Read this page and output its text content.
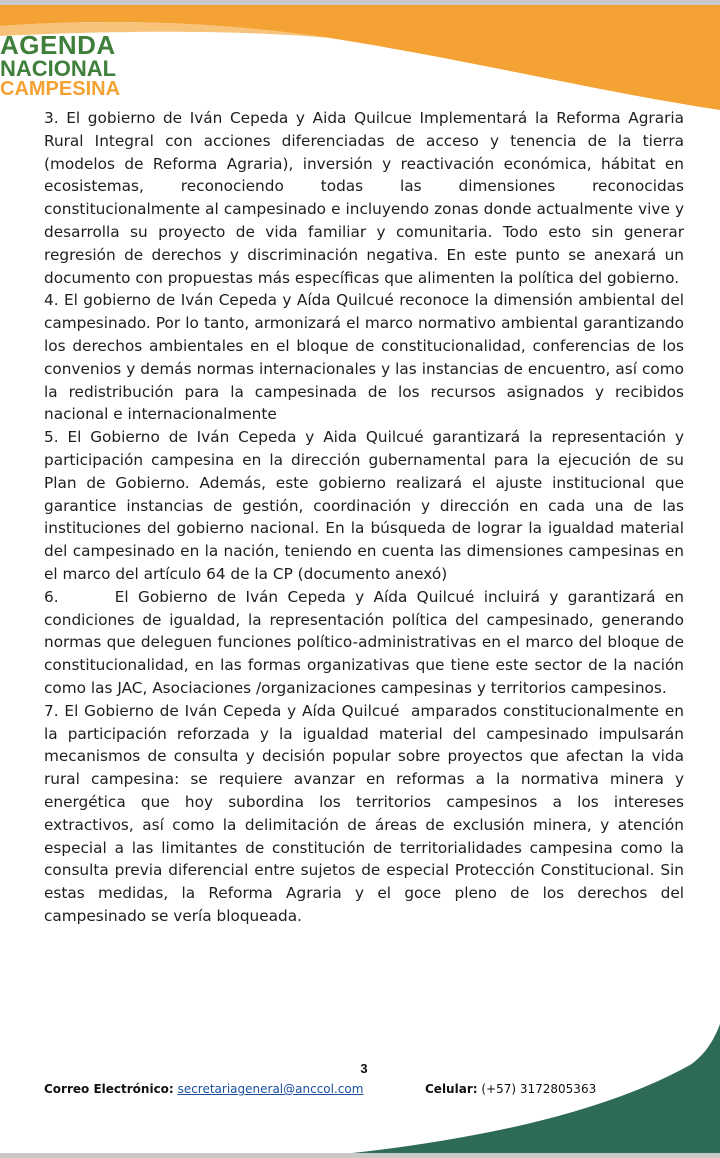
AGENDA
NACIONAL
CAMPESINA

3. El gobierno de Iván Cepeda y Aida Quilcue Implementará la Reforma Agraria Rural Integral con acciones diferenciadas de acceso y tenencia de la tierra (modelos de Reforma Agraria), inversión y reactivación económica, hábitat en ecosistemas, reconociendo todas las dimensiones reconocidas constitucionalmente al campesinado e incluyendo zonas donde actualmente vive y desarrolla su proyecto de vida familiar y comunitaria. Todo esto sin generar regresión de derechos y discriminación negativa. En este punto se anexará un documento con propuestas más específicas que alimenten la política del gobierno.

4. El gobierno de Iván Cepeda y Aída Quilcué reconoce la dimensión ambiental del campesinado. Por lo tanto, armonizará el marco normativo ambiental garantizando los derechos ambientales en el bloque de constitucionalidad, conferencias de los convenios y demás normas internacionales y las instancias de encuentro, así como la redistribución para la campesinada de los recursos asignados y recibidos nacional e internacionalmente

5. El Gobierno de Iván Cepeda y Aida Quilcué garantizará la representación y participación campesina en la dirección gubernamental para la ejecución de su Plan de Gobierno. Además, este gobierno realizará el ajuste institucional que garantice instancias de gestión, coordinación y dirección en cada una de las instituciones del gobierno nacional. En la búsqueda de lograr la igualdad material del campesinado en la nación, teniendo en cuenta las dimensiones campesinas en el marco del artículo 64 de la CP (documento anexó)

6.      El Gobierno de Iván Cepeda y Aída Quilcué incluirá y garantizará en condiciones de igualdad, la representación política del campesinado, generando normas que deleguen funciones político-administrativas en el marco del bloque de constitucionalidad, en las formas organizativas que tiene este sector de la nación como las JAC, Asociaciones /organizaciones campesinas y territorios campesinos.

7. El Gobierno de Iván Cepeda y Aída Quilcué  amparados constitucionalmente en la participación reforzada y la igualdad material del campesinado impulsarán mecanismos de consulta y decisión popular sobre proyectos que afectan la vida rural campesina: se requiere avanzar en reformas a la normativa minera y energética que hoy subordina los territorios campesinos a los intereses extractivos, así como la delimitación de áreas de exclusión minera, y atención especial a las limitantes de constitución de territorialidades campesina como la consulta previa diferencial entre sujetos de especial Protección Constitucional. Sin estas medidas, la Reforma Agraria y el goce pleno de los derechos del campesinado se vería bloqueada.

3
Correo Electrónico: secretariageneral@anccol.com	Celular: (+57) 3172805363
